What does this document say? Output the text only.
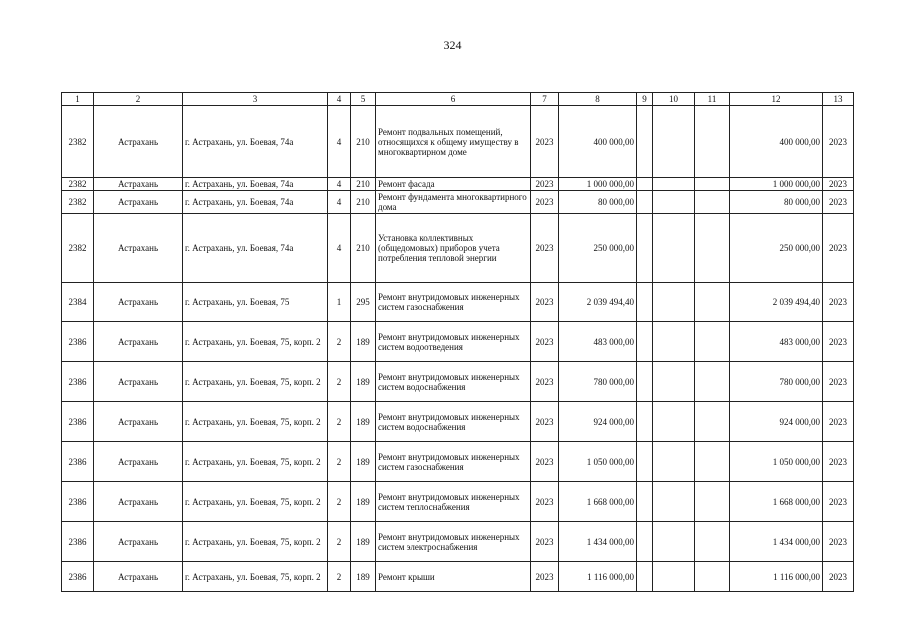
324
1	2	3	4	5	6	7	8	9	10	11	12	13
2382	Астрахань	г. Астрахань, ул. Боевая, 74а	4	210	Ремонт подвальных помещений, относящихся к общему имуществу в многоквартирном доме	2023	400 000,00				400 000,00	2023
2382	Астрахань	г. Астрахань, ул. Боевая, 74а	4	210	Ремонт фасада	2023	1 000 000,00				1 000 000,00	2023
2382	Астрахань	г. Астрахань, ул. Боевая, 74а	4	210	Ремонт фундамента многоквартирного дома	2023	80 000,00				80 000,00	2023
2382	Астрахань	г. Астрахань, ул. Боевая, 74а	4	210	Установка коллективных (общедомовых) приборов учета потребления тепловой энергии	2023	250 000,00				250 000,00	2023
2384	Астрахань	г. Астрахань, ул. Боевая, 75	1	295	Ремонт внутридомовых инженерных систем газоснабжения	2023	2 039 494,40				2 039 494,40	2023
2386	Астрахань	г. Астрахань, ул. Боевая, 75, корп. 2	2	189	Ремонт внутридомовых инженерных систем водоотведения	2023	483 000,00				483 000,00	2023
2386	Астрахань	г. Астрахань, ул. Боевая, 75, корп. 2	2	189	Ремонт внутридомовых инженерных систем водоснабжения	2023	780 000,00				780 000,00	2023
2386	Астрахань	г. Астрахань, ул. Боевая, 75, корп. 2	2	189	Ремонт внутридомовых инженерных систем водоснабжения	2023	924 000,00				924 000,00	2023
2386	Астрахань	г. Астрахань, ул. Боевая, 75, корп. 2	2	189	Ремонт внутридомовых инженерных систем газоснабжения	2023	1 050 000,00				1 050 000,00	2023
2386	Астрахань	г. Астрахань, ул. Боевая, 75, корп. 2	2	189	Ремонт внутридомовых инженерных систем теплоснабжения	2023	1 668 000,00				1 668 000,00	2023
2386	Астрахань	г. Астрахань, ул. Боевая, 75, корп. 2	2	189	Ремонт внутридомовых инженерных систем электроснабжения	2023	1 434 000,00				1 434 000,00	2023
2386	Астрахань	г. Астрахань, ул. Боевая, 75, корп. 2	2	189	Ремонт крыши	2023	1 116 000,00				1 116 000,00	2023
